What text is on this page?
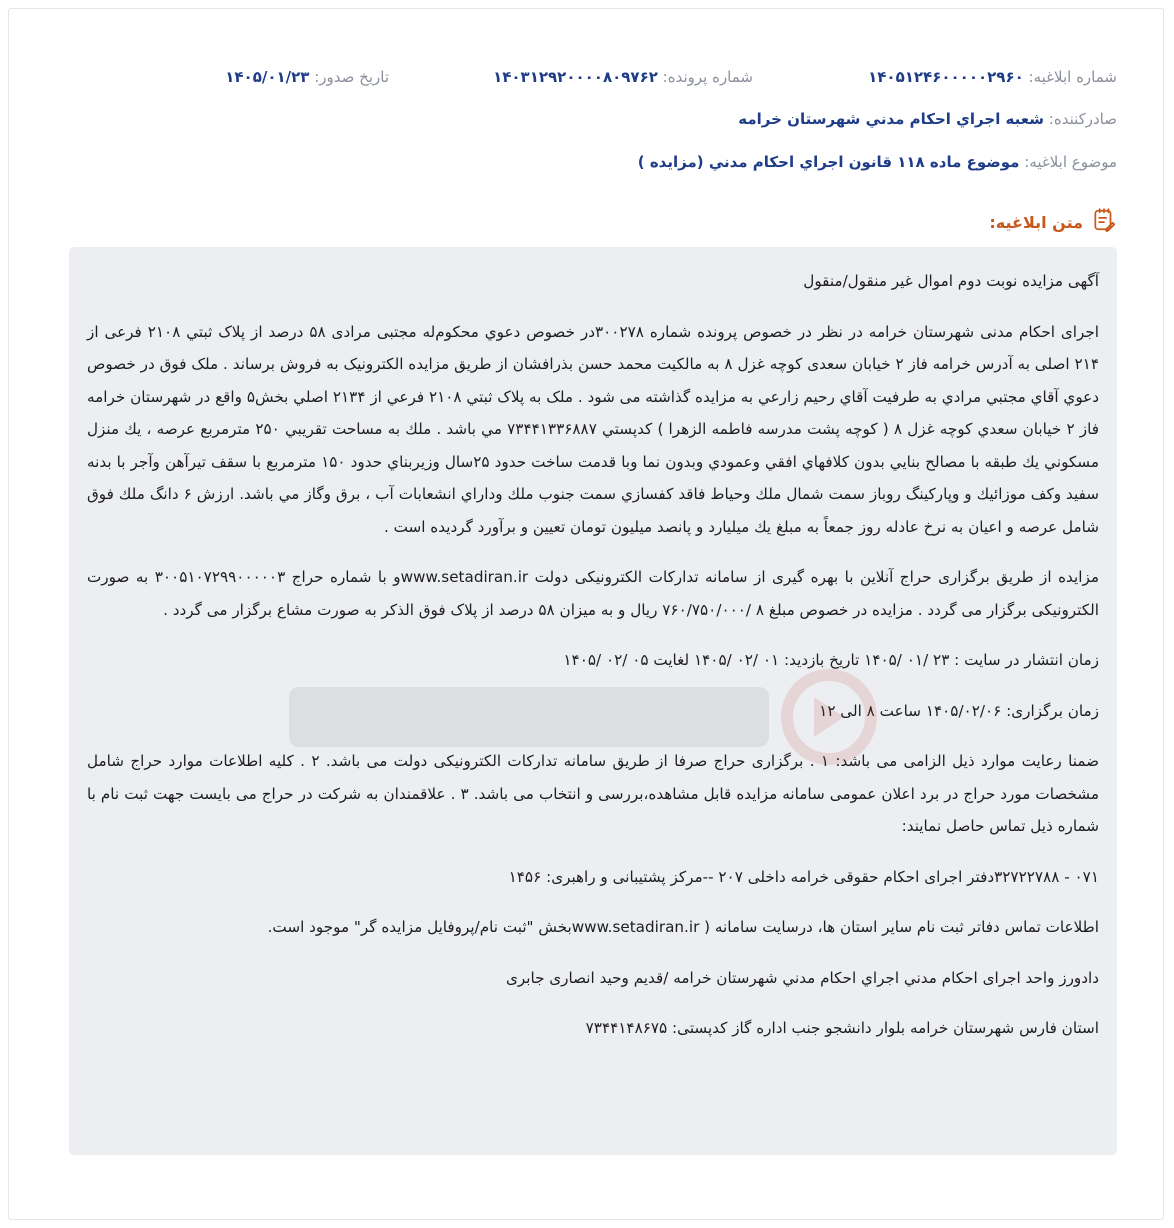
شماره ابلاغیه: ۱۴۰۵۱۲۴۶۰۰۰۰۰۲۹۶۰
شماره پرونده: ۱۴۰۳۱۲۹۲۰۰۰۰۸۰۹۷۶۲
تاریخ صدور: ۱۴۰۵/۰۱/۲۳
صادرکننده: شعبه اجراي احكام مدني شهرستان خرامه
موضوع ابلاغیه: موضوع ماده ۱۱۸ قانون اجراي احكام مدني (مزايده )
متن ابلاغیه:

آگهی مزایده نوبت دوم اموال غیر منقول/منقول

اجرای احکام مدنی شهرستان خرامه در نظر در خصوص پرونده شماره ۳۰۰۲۷۸در خصوص دعوي محکوم‌له مجتبی مرادی ۵۸ درصد از پلاک ثبتي ۲۱۰۸ فرعی از ۲۱۴ اصلی به آدرس خرامه فاز ۲ خیابان سعدی کوچه غزل ۸ به مالکیت محمد حسن بذرافشان از طریق مزایده الکترونیک به فروش برساند . ملک فوق در خصوص دعوي آقاي مجتبي مرادي به طرفيت آقاي رحيم زارعي به مزايده گذاشته می شود . ملک به پلاک ثبتي ۲۱۰۸ فرعي از ۲۱۳۴ اصلي بخش۵ واقع در شهرستان خرامه فاز ۲ خيابان سعدي كوچه غزل ۸ ( كوچه پشت مدرسه فاطمه الزهرا ) كدپستي ۷۳۴۴۱۳۳۶۸۸۷ مي باشد . ملك به مساحت تقريبي ۲۵۰ مترمربع عرصه ، يك منزل مسكوني يك طبقه با مصالح بنايي بدون كلافهاي افقي وعمودي وبدون نما وبا قدمت ساخت حدود ۲۵سال وزيربناي حدود ۱۵۰ مترمربع با سقف تيرآهن وآجر با بدنه سفيد وكف موزائيك و وپاركينگ روباز سمت شمال ملك وحياط فاقد كفسازي سمت جنوب ملك وداراي انشعابات آب ، برق وگاز مي باشد. ارزش ۶ دانگ ملك فوق شامل عرصه و اعيان به نرخ عادله روز جمعاً به مبلغ يك ميليارد و پانصد ميليون تومان تعيين و برآورد گرديده است .

مزایده از طریق برگزاری حراج آنلاین با بهره گیری از سامانه تدارکات الکترونیکی دولت www.setadiran.irو با شماره حراج ۳۰۰۵۱۰۷۲۹۹۰۰۰۰۰۳ به صورت الکترونیکی برگزار می گردد . مزایده در خصوص مبلغ ۸ /۷۶۰/۷۵۰/۰۰۰ ریال و به میزان ۵۸ درصد از پلاک فوق الذکر به صورت مشاع برگزار می گردد .

زمان انتشار در سایت : ۲۳ /۰۱ /۱۴۰۵ تاریخ بازدید: ۰۱ /۰۲ /۱۴۰۵ لغایت ۰۵ /۰۲ /۱۴۰۵

زمان برگزاری: ۱۴۰۵/۰۲/۰۶ ساعت ۸ الی ۱۲

ضمنا رعایت موارد ذیل الزامی می باشد: ۱ . برگزاری حراج صرفا از طریق سامانه تدارکات الکترونیکی دولت می باشد. ۲ . کلیه اطلاعات موارد حراج شامل مشخصات مورد حراج در برد اعلان عمومی سامانه مزایده قابل مشاهده،بررسی و انتخاب می باشد. ۳ . علاقمندان به شرکت در حراج می بایست جهت ثبت نام با شماره ذیل تماس حاصل نمایند:

۰۷۱ - ۳۲۷۲۲۷۸۸دفتر اجرای احکام حقوقی خرامه داخلی ۲۰۷ --مرکز پشتیبانی و راهبری: ۱۴۵۶

اطلاعات تماس دفاتر ثبت نام سایر استان ها، درسایت سامانه ( www.setadiran.irبخش "ثبت نام/پروفایل مزایده گر" موجود است.

دادورز واحد اجرای احکام مدني اجراي احكام مدني شهرستان خرامه /قدیم وحید انصاری جابری

استان فارس شهرستان خرامه بلوار دانشجو جنب اداره گاز کدپستی: ۷۳۴۴۱۴۸۶۷۵
